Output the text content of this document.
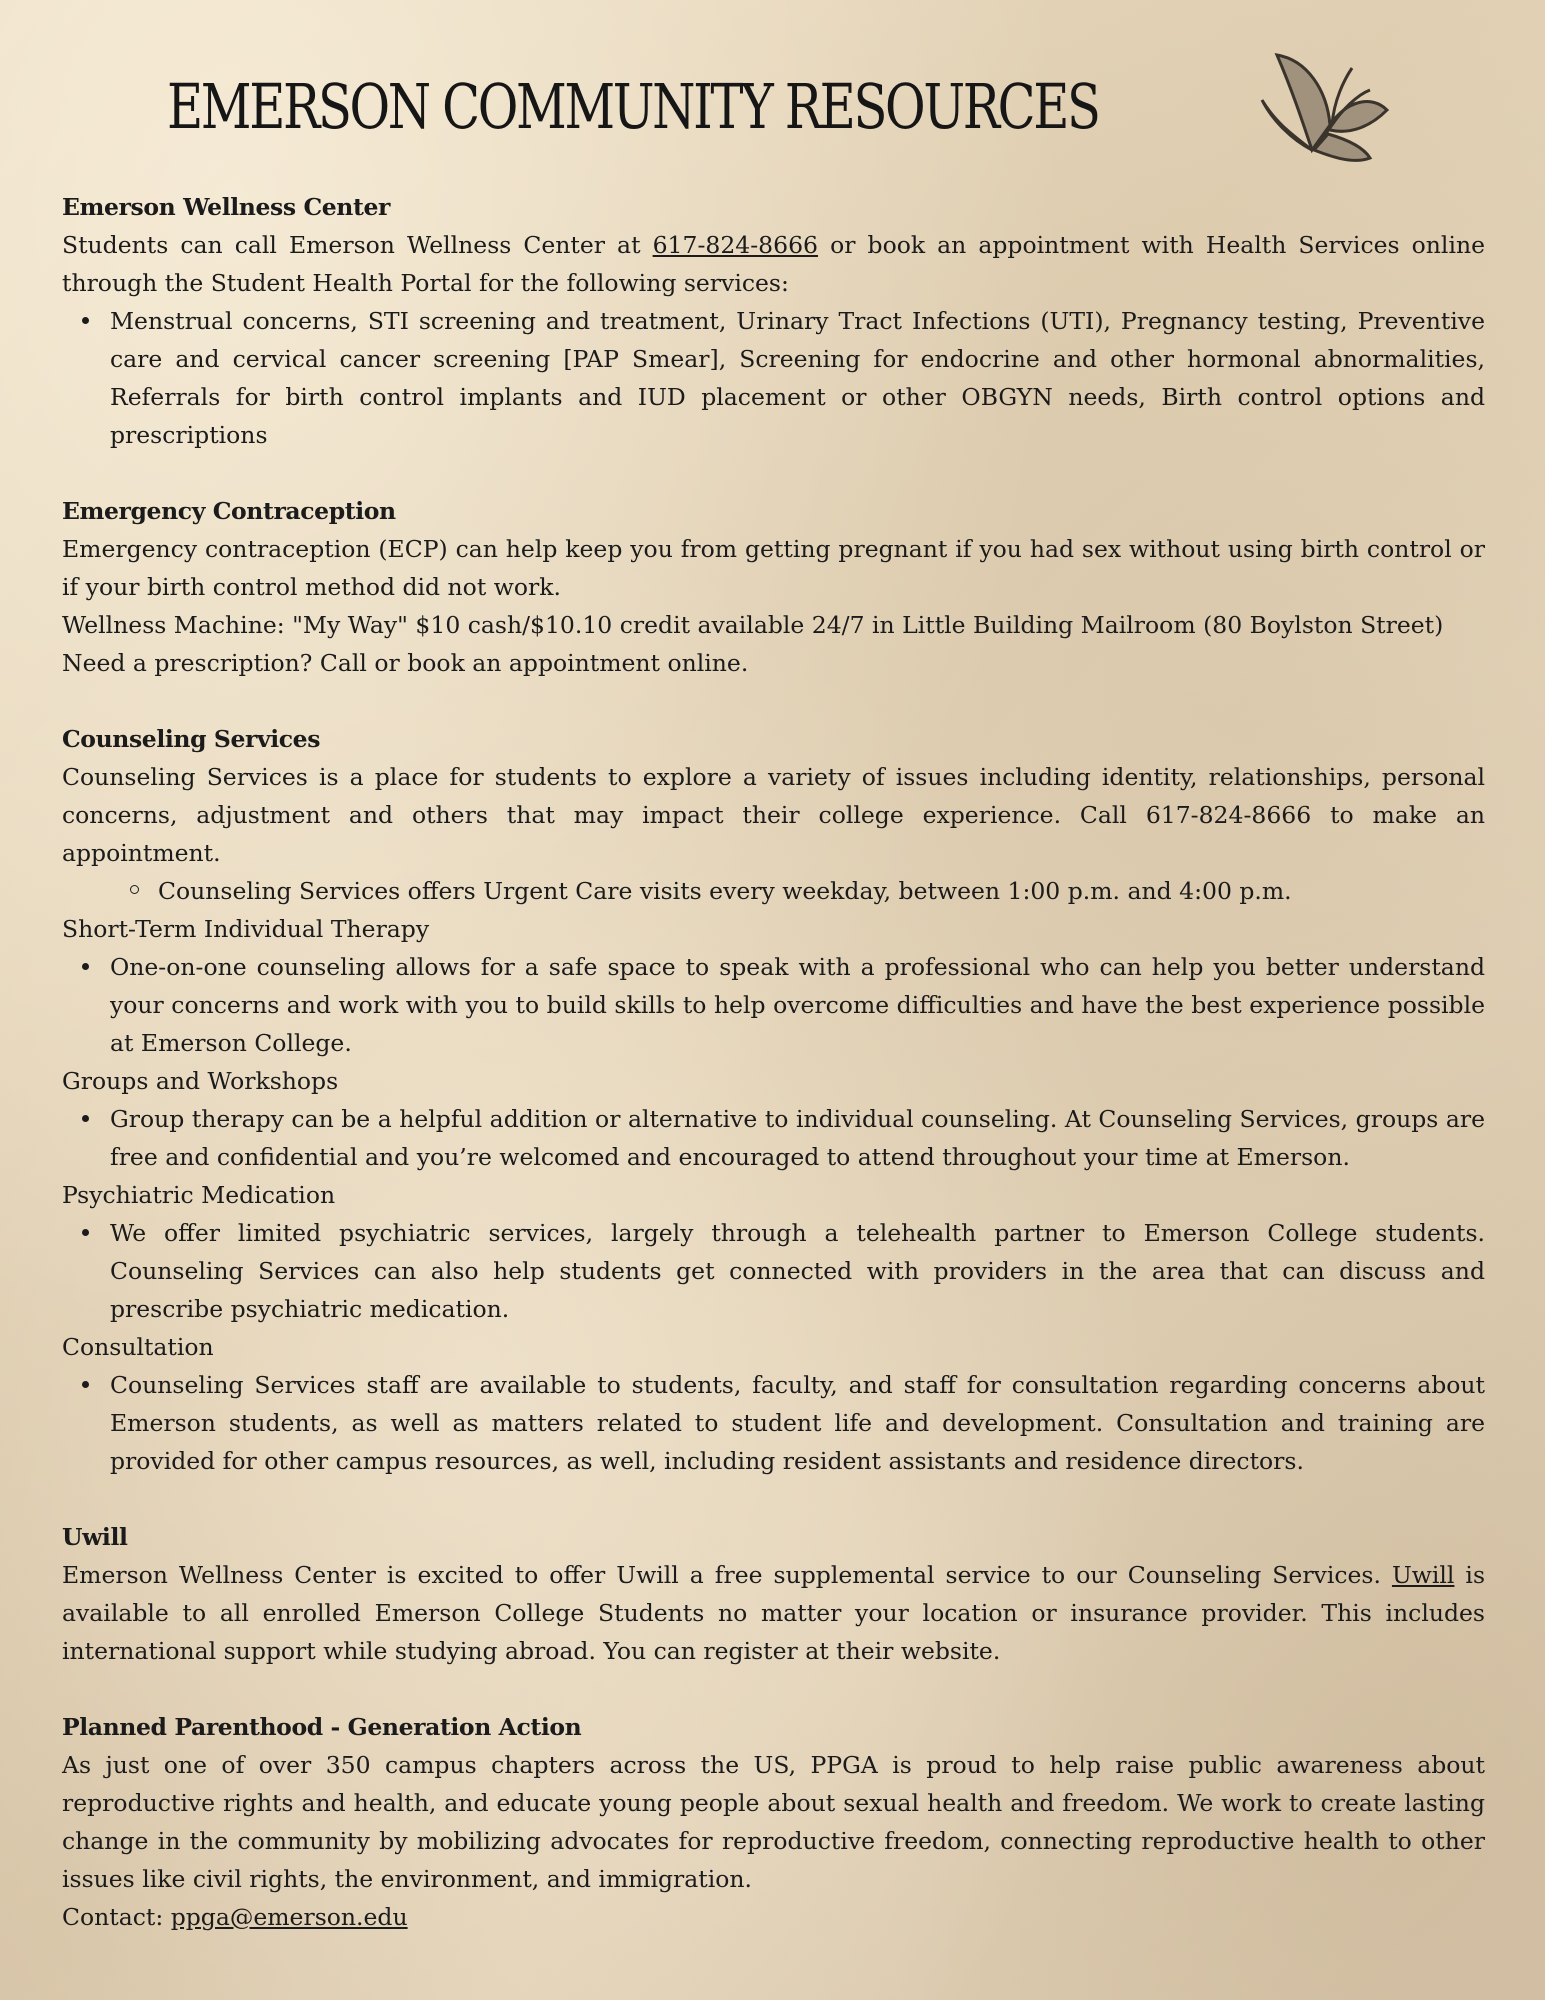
EMERSON COMMUNITY RESOURCES
Emerson Wellness Center
Students can call Emerson Wellness Center at 617-824-8666 or book an appointment with Health Services online through the Student Health Portal for the following services:
Menstrual concerns, STI screening and treatment, Urinary Tract Infections (UTI), Pregnancy testing, Preventive care and cervical cancer screening [PAP Smear], Screening for endocrine and other hormonal abnormalities, Referrals for birth control implants and IUD placement or other OBGYN needs, Birth control options and prescriptions
Emergency Contraception
Emergency contraception (ECP) can help keep you from getting pregnant if you had sex without using birth control or if your birth control method did not work.
Wellness Machine: "My Way" $10 cash/$10.10 credit available 24/7 in Little Building Mailroom (80 Boylston Street)
Need a prescription? Call or book an appointment online.
Counseling Services
Counseling Services is a place for students to explore a variety of issues including identity, relationships, personal concerns, adjustment and others that may impact their college experience. Call 617-824-8666 to make an appointment.
Counseling Services offers Urgent Care visits every weekday, between 1:00 p.m. and 4:00 p.m.
Short-Term Individual Therapy
One-on-one counseling allows for a safe space to speak with a professional who can help you better understand your concerns and work with you to build skills to help overcome difficulties and have the best experience possible at Emerson College.
Groups and Workshops
Group therapy can be a helpful addition or alternative to individual counseling. At Counseling Services, groups are free and confidential and you’re welcomed and encouraged to attend throughout your time at Emerson.
Psychiatric Medication
We offer limited psychiatric services, largely through a telehealth partner to Emerson College students. Counseling Services can also help students get connected with providers in the area that can discuss and prescribe psychiatric medication.
Consultation
Counseling Services staff are available to students, faculty, and staff for consultation regarding concerns about Emerson students, as well as matters related to student life and development. Consultation and training are provided for other campus resources, as well, including resident assistants and residence directors.
Uwill
Emerson Wellness Center is excited to offer Uwill a free supplemental service to our Counseling Services. Uwill is available to all enrolled Emerson College Students no matter your location or insurance provider. This includes international support while studying abroad. You can register at their website.
Planned Parenthood - Generation Action
As just one of over 350 campus chapters across the US, PPGA is proud to help raise public awareness about reproductive rights and health, and educate young people about sexual health and freedom. We work to create lasting change in the community by mobilizing advocates for reproductive freedom, connecting reproductive health to other issues like civil rights, the environment, and immigration.
Contact: ppga@emerson.edu
